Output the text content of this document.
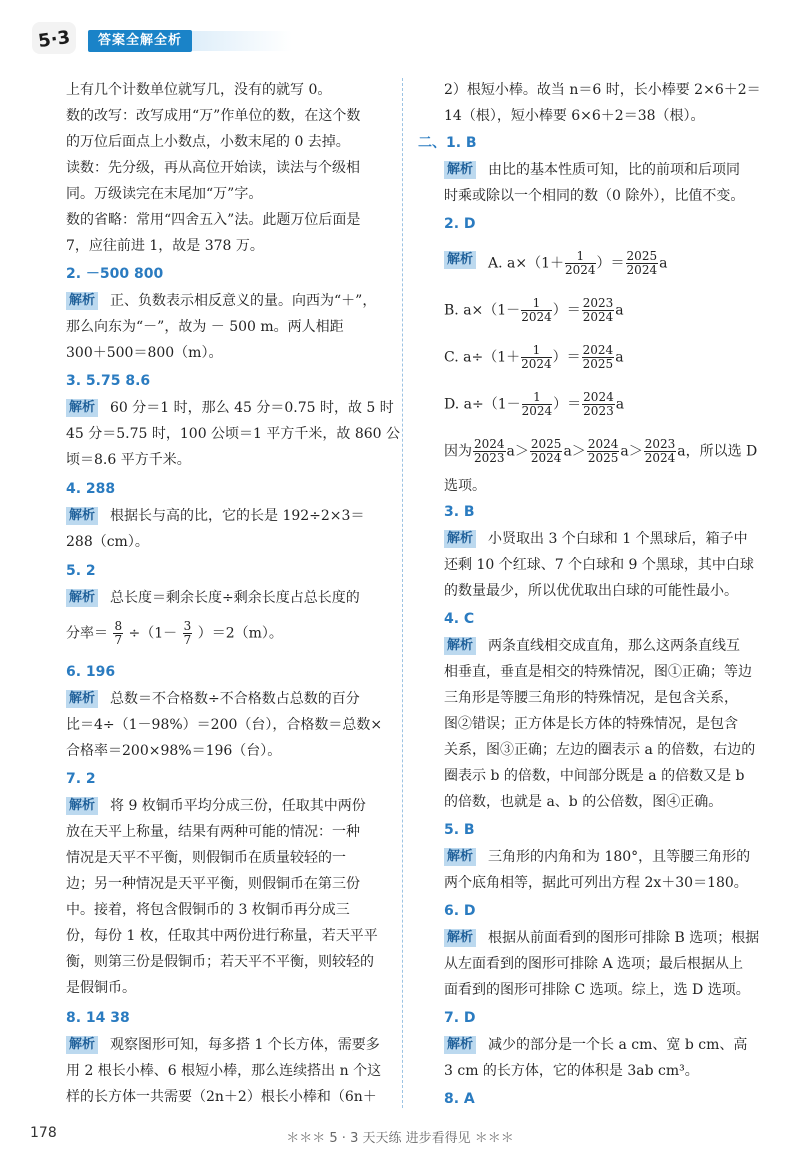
5·3	答案全解全析
上有几个计数单位就写几，没有的就写 0。
数的改写：改写成用“万”作单位的数，在这个数
的万位后面点上小数点，小数末尾的 0 去掉。
读数：先分级，再从高位开始读，读法与个级相
同。万级读完在末尾加“万”字。
数的省略：常用“四舍五入”法。此题万位后面是
7，应往前进 1，故是 378 万。
2. －500 800
解析 正、负数表示相反意义的量。向西为“＋”，
那么向东为“－”，故为 － 500 m。两人相距
300＋500＝800（m）。
3. 5.75 8.6
解析 60 分＝1 时，那么 45 分＝0.75 时，故 5 时
45 分＝5.75 时，100 公顷＝1 平方千米，故 860 公
顷＝8.6 平方千米。
4. 288
解析 根据长与高的比，它的长是 192÷2×3＝
288（cm）。
5. 2
解析 总长度＝剩余长度÷剩余长度占总长度的
分率＝ $\frac{8}{7} \div(1- \frac{3}{7} )=2(m)$。
6. 196
解析 总数＝不合格数÷不合格数占总数的百分
比＝4÷（1－98%）＝200（台），合格数＝总数×
合格率＝200×98%＝196（台）。
7. 2
解析 将 9 枚铜币平均分成三份，任取其中两份
放在天平上称量，结果有两种可能的情况：一种
情况是天平不平衡，则假铜币在质量较轻的一
边；另一种情况是天平平衡，则假铜币在第三份
中。接着，将包含假铜币的 3 枚铜币再分成三
份，每份 1 枚，任取其中两份进行称量，若天平平
衡，则第三份是假铜币；若天平不平衡，则较轻的
是假铜币。
8. 14 38
解析 观察图形可知，每多搭 1 个长方体，需要多
用 2 根长小棒、6 根短小棒，那么连续搭出 n 个这
样的长方体一共需要（2n＋2）根长小棒和（6n＋
2）根短小棒。故当 n＝6 时，长小棒要 2×6＋2＝
14（根），短小棒要 6×6＋2＝38（根）。
二、1. B
解析 由比的基本性质可知，比的前项和后项同
时乘或除以一个相同的数（0 除外），比值不变。
2. D
解析 A. $a\times(1+ \frac{1}{2024}$ ）＝ $\frac{2025}{2024}$ a
B. $a\times(1- \frac{1}{2024}$ ）＝ $\frac{2023}{2024}$ a
C. $a\div(1+ \frac{1}{2024}$ ）＝ $\frac{2024}{2025}$ a
D. $a\div(1- \frac{1}{2024}$ ）＝ $\frac{2024}{2023}$ a
因为 $\frac{2024}{2023} a> \frac{2025}{2024} a> \frac{2024}{2025} a> \frac{2023}{2024}$ a，所以选 D
选项。
3. B
解析 小贤取出 3 个白球和 1 个黑球后，箱子中
还剩 10 个红球、7 个白球和 9 个黑球，其中白球
的数量最少，所以优优取出白球的可能性最小。
4. C
解析 两条直线相交成直角，那么这两条直线互
相垂直，垂直是相交的特殊情况，图①正确；等边
三角形是等腰三角形的特殊情况，是包含关系，
图②错误；正方体是长方体的特殊情况，是包含
关系，图③正确；左边的圈表示 a 的倍数，右边的
圈表示 b 的倍数，中间部分既是 a 的倍数又是 b
的倍数，也就是 a、b 的公倍数，图④正确。
5. B
解析 三角形的内角和为 180°，且等腰三角形的
两个底角相等，据此可列出方程 2x＋30＝180。
6. D
解析 根据从前面看到的图形可排除 B 选项；根据
从左面看到的图形可排除 A 选项；最后根据从上
面看到的图形可排除 C 选项。综上，选 D 选项。
7. D
解析 减少的部分是一个长 a cm、宽 b cm、高
3 cm 的长方体，它的体积是 3ab cm³。
8. A
178	＊＊＊ 5 · 3 天天练 进步看得见 ＊＊＊
